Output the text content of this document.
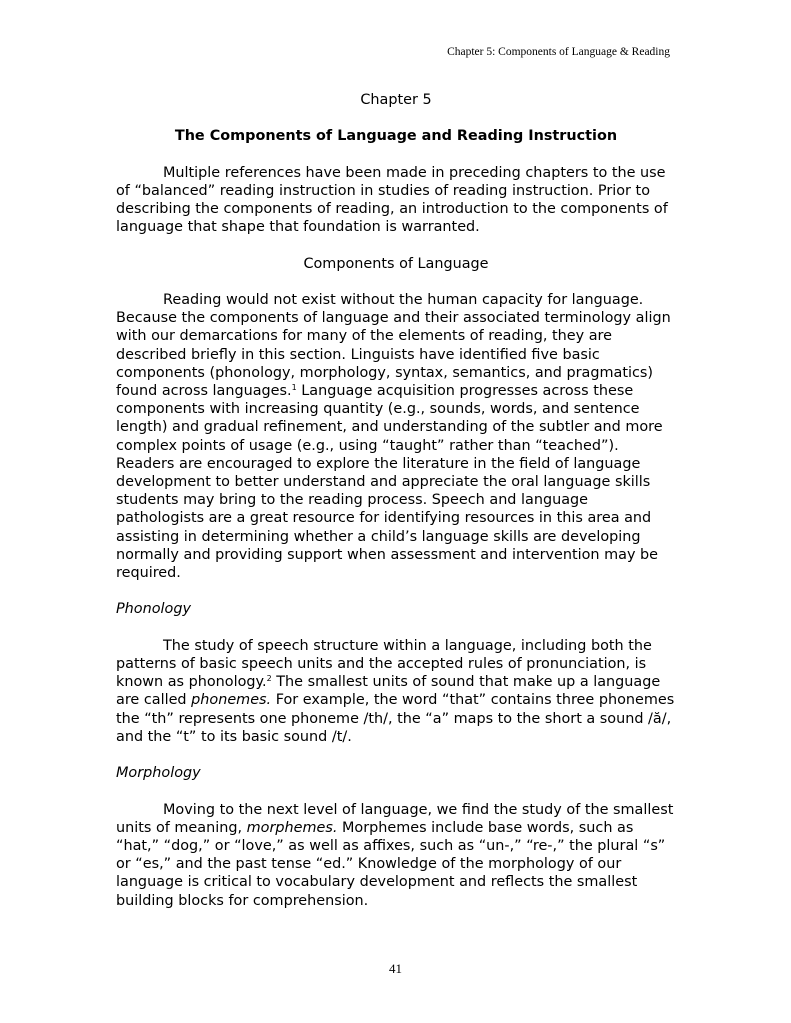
Chapter 5: Components of Language & Reading

Chapter 5

The Components of Language and Reading Instruction

Multiple references have been made in preceding chapters to the use of “balanced” reading instruction in studies of reading instruction. Prior to describing the components of reading, an introduction to the components of language that shape that foundation is warranted.

Components of Language

Reading would not exist without the human capacity for language. Because the components of language and their associated terminology align with our demarcations for many of the elements of reading, they are described briefly in this section. Linguists have identified five basic components (phonology, morphology, syntax, semantics, and pragmatics) found across languages.$^1$ Language acquisition progresses across these components with increasing quantity (e.g., sounds, words, and sentence length) and gradual refinement, and understanding of the subtler and more complex points of usage (e.g., using “taught” rather than “teached”). Readers are encouraged to explore the literature in the field of language development to better understand and appreciate the oral language skills students may bring to the reading process. Speech and language pathologists are a great resource for identifying resources in this area and assisting in determining whether a child’s language skills are developing normally and providing support when assessment and intervention may be required.

Phonology

The study of speech structure within a language, including both the patterns of basic speech units and the accepted rules of pronunciation, is known as phonology.$^2$ The smallest units of sound that make up a language are called phonemes. For example, the word “that” contains three phonemes the “th” represents one phoneme /th/, the “a” maps to the short a sound /ă/, and the “t” to its basic sound /t/.

Morphology

Moving to the next level of language, we find the study of the smallest units of meaning, morphemes. Morphemes include base words, such as “hat,” “dog,” or “love,” as well as affixes, such as “un-,” “re-,” the plural “s” or “es,” and the past tense “ed.” Knowledge of the morphology of our language is critical to vocabulary development and reflects the smallest building blocks for comprehension.

41
